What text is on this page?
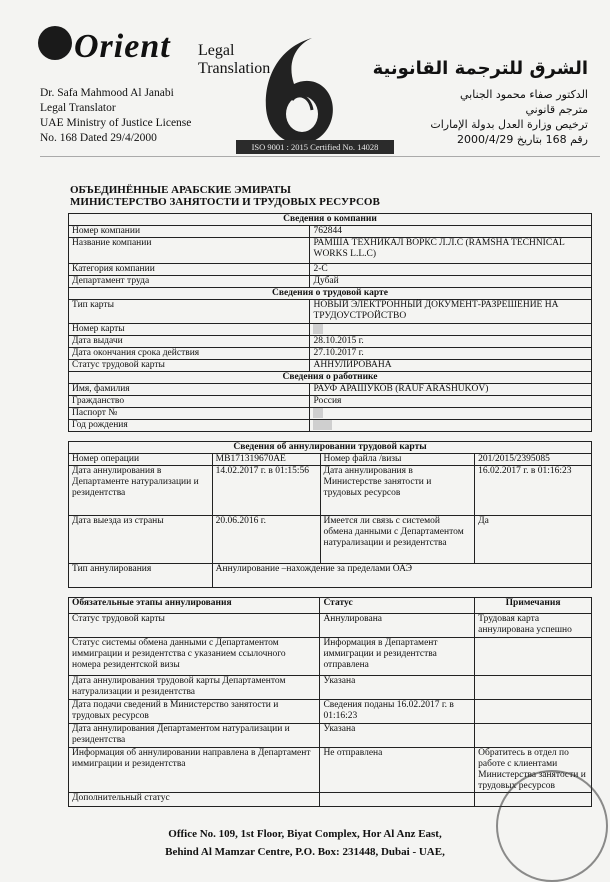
Orient Legal Translation
Dr. Safa Mahmood Al Janabi
Legal Translator
UAE Ministry of Justice License
No. 168 Dated 29/4/2000
الشرق للترجمة القانونية
الدكتور صفاء محمود الجنابي
مترجم قانوني
ترخيص وزارة العدل بدولة الإمارات
رقم 168 بتاريخ 2000/4/29
ISO 9001 : 2015 Certified No. 14028
ОБЪЕДИНЁННЫЕ АРАБСКИЕ ЭМИРАТЫ
МИНИСТЕРСТВО ЗАНЯТОСТИ И ТРУДОВЫХ РЕСУРСОВ
Сведения о компании	
Номер компании	762844
Название компании	РАМША ТЕХНИКАЛ ВОРКС Л.Л.С (RAMSHA TECHNICAL WORKS L.L.C)
Категория компании	2-С
Департамент труда	Дубай
Сведения о трудовой карте	
Тип карты	НОВЫЙ ЭЛЕКТРОННЫЙ ДОКУМЕНТ-РАЗРЕШЕНИЕ НА ТРУДОУСТРОЙСТВО
Номер карты	
Дата выдачи	28.10.2015 г.
Дата окончания срока действия	27.10.2017 г.
Статус трудовой карты	АННУЛИРОВАНА
Сведения о работнике	
Имя, фамилия	РАУФ АРАШУКОВ (RAUF ARASHUKOV)
Гражданство	Россия
Паспорт №	
Год рождения	
Сведения об аннулировании трудовой карты			
Номер операции	MB171319670AE	Номер файла /визы	201/2015/2395085
Дата аннулирования в Департаменте натурализации и резидентства	14.02.2017 г. в 01:15:56	Дата аннулирования в Министерстве занятости и трудовых ресурсов	16.02.2017 г. в 01:16:23
Дата выезда из страны	20.06.2016 г.	Имеется ли связь с системой обмена данными с Департаментом натурализации и резидентства	Да
Тип аннулирования	Аннулирование –нахождение за пределами ОАЭ		
Обязательные этапы аннулирования	Статус	Примечания
Статус трудовой карты	Аннулирована	Трудовая карта аннулирована успешно
Статус системы обмена данными с Департаментом иммиграции и резидентства с указанием ссылочного номера резидентской визы	Информация в Департамент иммиграции и резидентства отправлена	
Дата аннулирования трудовой карты Департаментом натурализации и резидентства	Указана	
Дата подачи сведений в Министерство занятости и трудовых ресурсов	Сведения поданы 16.02.2017 г. в 01:16:23	
Дата аннулирования Департаментом натурализации и резидентства	Указана	
Информация об аннулировании направлена в Департамент иммиграции и резидентства	Не отправлена	Обратитесь в отдел по работе с клиентами Министерства занятости и трудовых ресурсов
Дополнительный статус		
Office No. 109, 1st Floor, Biyat Complex, Hor Al Anz East,
Behind Al Mamzar Centre, P.O. Box: 231448, Dubai - UAE,
